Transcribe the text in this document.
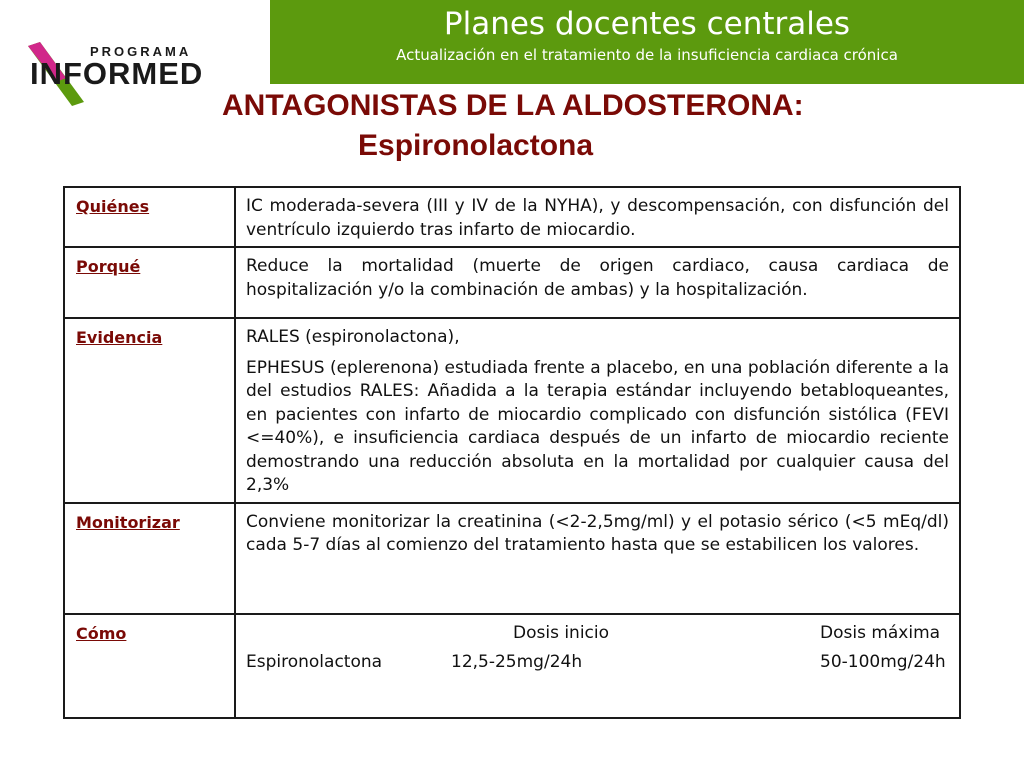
PROGRAMA
INFORMED
Planes docentes centrales
Actualización en el tratamiento de la insuficiencia cardiaca crónica
ANTAGONISTAS DE LA ALDOSTERONA:
Espironolactona
Quiénes	IC moderada-severa (III y IV de la NYHA), y descompensación, con disfunción del ventrículo izquierdo tras infarto de miocardio.

Porqué	Reduce la mortalidad (muerte de origen cardiaco, causa cardiaca de hospitalización y/o la combinación de ambas) y la hospitalización.

Evidencia	RALES (espironolactona),

EPHESUS (eplerenona) estudiada frente a placebo, en una población diferente a la del estudios RALES: Añadida a la terapia estándar incluyendo betabloqueantes, en pacientes con infarto de miocardio complicado con disfunción sistólica (FEVI <=40%), e insuficiencia cardiaca después de un infarto de miocardio reciente demostrando una reducción absoluta en la mortalidad por cualquier causa del 2,3%

Monitorizar	Conviene monitorizar la creatinina (<2-2,5mg/ml) y el potasio sérico (<5 mEq/dl) cada 5-7 días al comienzo del tratamiento hasta que se estabilicen los valores.

Cómo	
		Dosis inicio	Dosis máxima
Espironolactona	12,5-25mg/24h	50-100mg/24h
